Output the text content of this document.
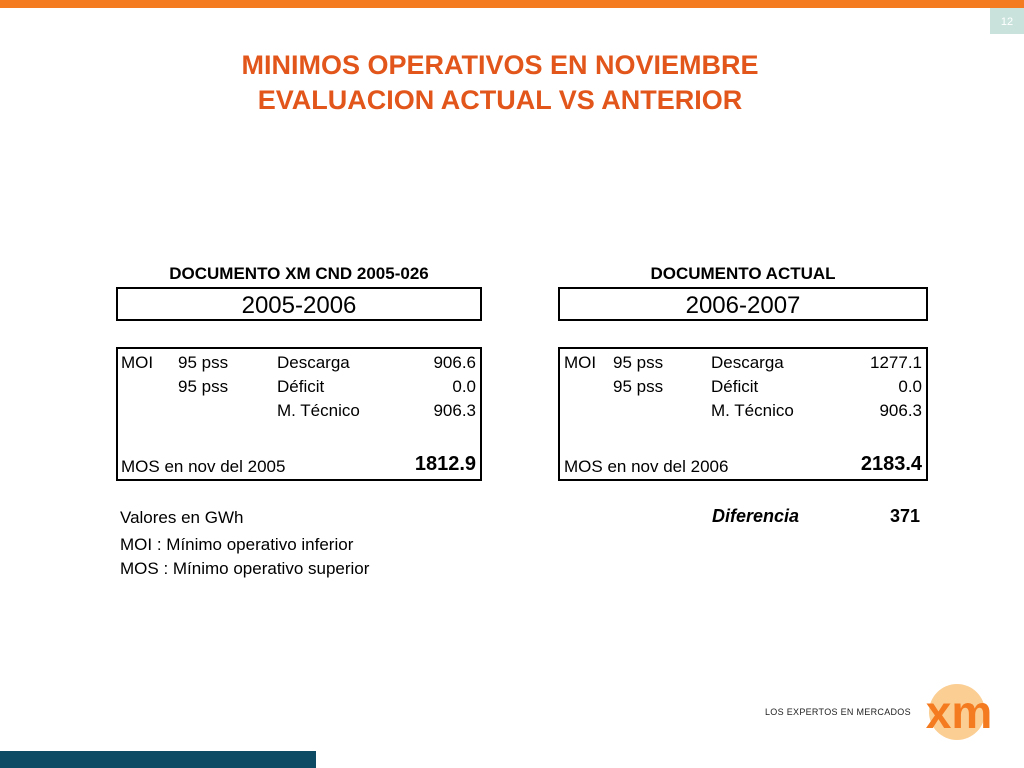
12
MINIMOS OPERATIVOS EN NOVIEMBRE
EVALUACION ACTUAL VS ANTERIOR
DOCUMENTO XM CND 2005-026
2005-2006
MOI 95 pss	Descarga	906.6
95 pss	Déficit	0.0
M. Técnico	906.3
MOS en nov del 2005	1812.9
DOCUMENTO ACTUAL
2006-2007
MOI 95 pss	Descarga	1277.1
95 pss	Déficit	0.0
M. Técnico	906.3
MOS en nov del 2006	2183.4
Valores en GWh
MOI : Mínimo operativo inferior
MOS : Mínimo operativo superior
Diferencia	371
LOS EXPERTOS EN MERCADOS xm
